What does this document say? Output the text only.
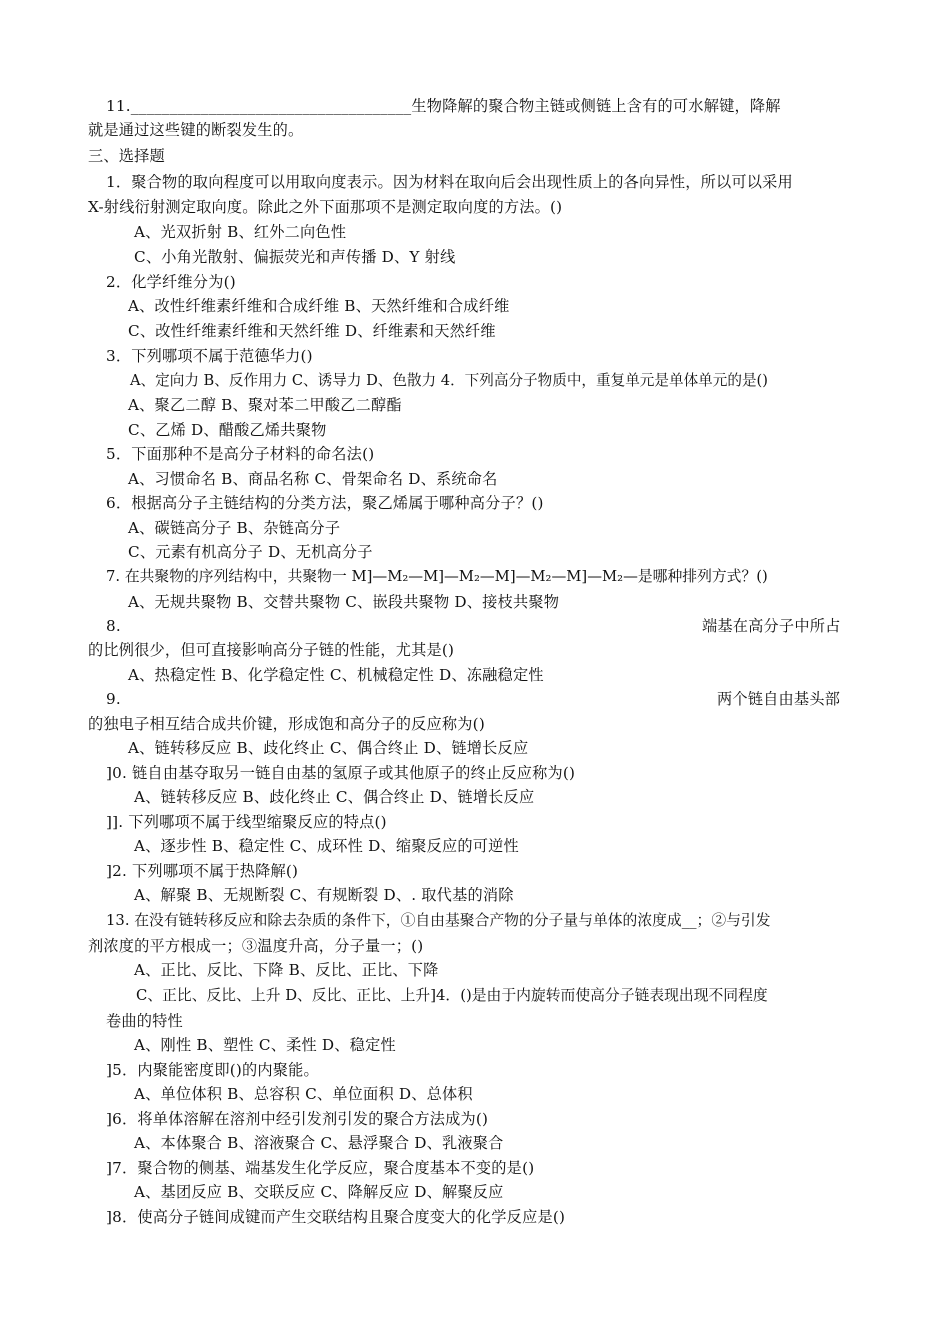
11.____________________________________生物降解的聚合物主链或侧链上含有的可水解键，降解

就是通过这些键的断裂发生的。

三、选择题

1．聚合物的取向程度可以用取向度表示。因为材料在取向后会出现性质上的各向异性，所以可以采用

X-射线衍射测定取向度。除此之外下面那项不是测定取向度的方法。()

A、光双折射 B、红外二向色性

C、小角光散射、偏振荧光和声传播 D、Y 射线

2．化学纤维分为()

A、改性纤维素纤维和合成纤维 B、天然纤维和合成纤维

C、改性纤维素纤维和天然纤维 D、纤维素和天然纤维

3．下列哪项不属于范德华力()

A、定向力 B、反作用力 C、诱导力 D、色散力 4．下列高分子物质中，重复单元是单体单元的是()

A、聚乙二醇 B、聚对苯二甲酸乙二醇酯

C、乙烯 D、醋酸乙烯共聚物

5．下面那种不是高分子材料的命名法()

A、习惯命名 B、商品名称 C、骨架命名 D、系统命名

6．根据高分子主链结构的分类方法，聚乙烯属于哪种高分子？()

A、碳链高分子 B、杂链高分子

C、元素有机高分子 D、无机高分子

7. 在共聚物的序列结构中，共聚物一 M]—M₂—M]—M₂—M]—M₂—M]—M₂—是哪种排列方式？()

A、无规共聚物 B、交替共聚物 C、嵌段共聚物 D、接枝共聚物

8.	端基在高分子中所占

的比例很少，但可直接影响高分子链的性能，尤其是()

A、热稳定性 B、化学稳定性 C、机械稳定性 D、冻融稳定性

9.	两个链自由基头部

的独电子相互结合成共价键，形成饱和高分子的反应称为()

A、链转移反应 B、歧化终止 C、偶合终止 D、链增长反应

]0. 链自由基夺取另一链自由基的氢原子或其他原子的终止反应称为()

A、链转移反应 B、歧化终止 C、偶合终止 D、链增长反应

]]. 下列哪项不属于线型缩聚反应的特点()

A、逐步性 B、稳定性 C、成环性 D、缩聚反应的可逆性

]2. 下列哪项不属于热降解()

A、解聚 B、无规断裂 C、有规断裂 D、. 取代基的消除

13. 在没有链转移反应和除去杂质的条件下，①自由基聚合产物的分子量与单体的浓度成__；②与引发

剂浓度的平方根成一；③温度升高，分子量一；()

A、正比、反比、下降 B、反比、正比、下降

C、正比、反比、上升 D、反比、正比、上升]4．()是由于内旋转而使高分子链表现出现不同程度

卷曲的特性

A、刚性 B、塑性 C、柔性 D、稳定性

]5．内聚能密度即()的内聚能。

A、单位体积 B、总容积 C、单位面积 D、总体积

]6．将单体溶解在溶剂中经引发剂引发的聚合方法成为()

A、本体聚合 B、溶液聚合 C、悬浮聚合 D、乳液聚合

]7．聚合物的侧基、端基发生化学反应，聚合度基本不变的是()

A、基团反应 B、交联反应 C、降解反应 D、解聚反应

]8．使高分子链间成键而产生交联结构且聚合度变大的化学反应是()
